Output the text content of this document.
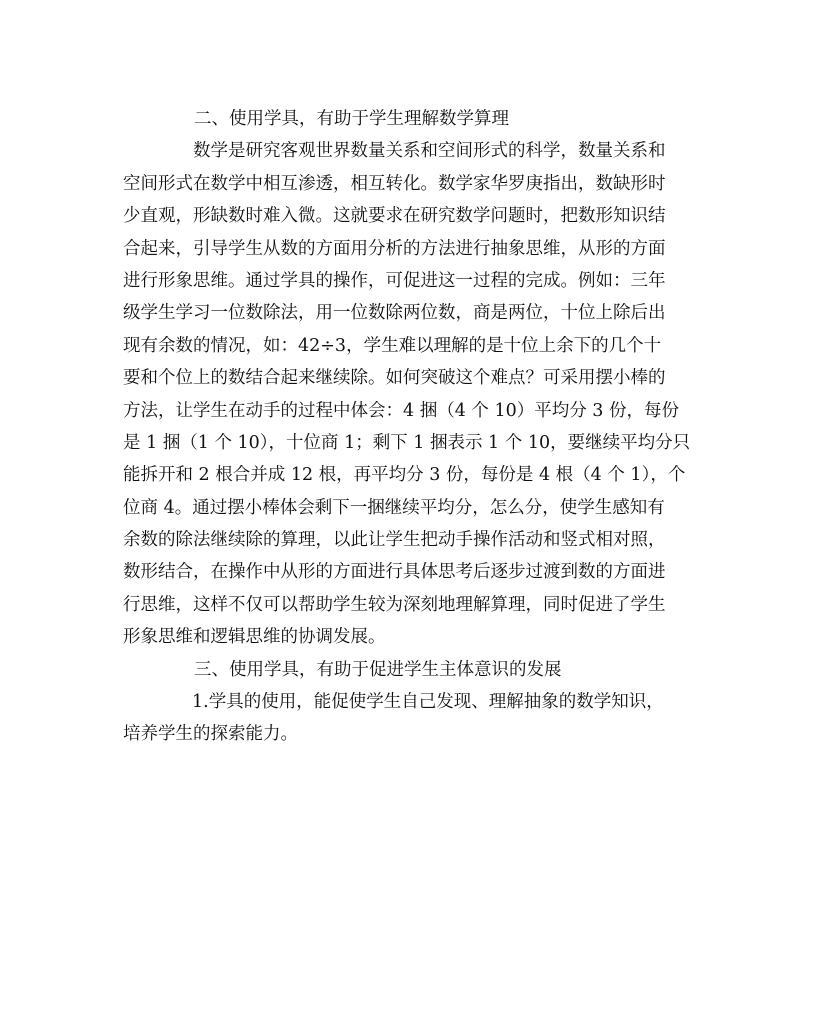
二、使用学具，有助于学生理解数学算理
数学是研究客观世界数量关系和空间形式的科学，数量关系和
空间形式在数学中相互渗透，相互转化。数学家华罗庚指出，数缺形时
少直观，形缺数时难入微。这就要求在研究数学问题时，把数形知识结
合起来，引导学生从数的方面用分析的方法进行抽象思维，从形的方面
进行形象思维。通过学具的操作，可促进这一过程的完成。例如：三年
级学生学习一位数除法，用一位数除两位数，商是两位，十位上除后出
现有余数的情况，如：42÷3，学生难以理解的是十位上余下的几个十
要和个位上的数结合起来继续除。如何突破这个难点？可采用摆小棒的
方法，让学生在动手的过程中体会：4 捆（4 个 10）平均分 3 份，每份
是 1 捆（1 个 10），十位商 1；剩下 1 捆表示 1 个 10，要继续平均分只
能拆开和 2 根合并成 12 根，再平均分 3 份，每份是 4 根（4 个 1），个
位商 4。通过摆小棒体会剩下一捆继续平均分，怎么分，使学生感知有
余数的除法继续除的算理，以此让学生把动手操作活动和竖式相对照，
数形结合，在操作中从形的方面进行具体思考后逐步过渡到数的方面进
行思维，这样不仅可以帮助学生较为深刻地理解算理，同时促进了学生
形象思维和逻辑思维的协调发展。
三、使用学具，有助于促进学生主体意识的发展
1.学具的使用，能促使学生自己发现、理解抽象的数学知识，
培养学生的探索能力。
